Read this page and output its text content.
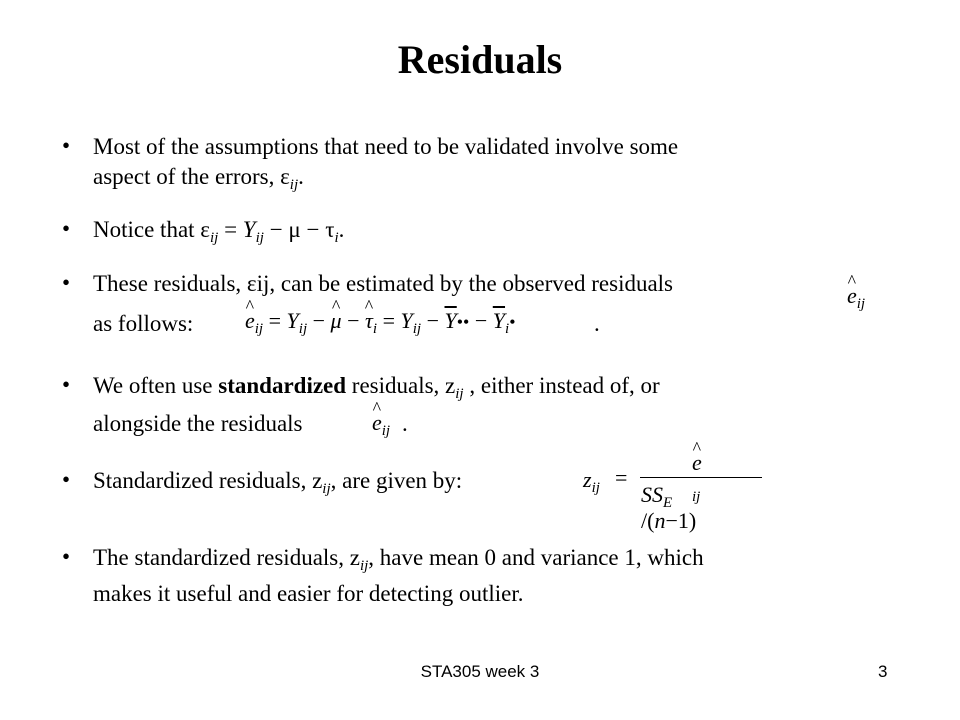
Residuals
• Most of the assumptions that need to be validated involve some
aspect of the errors, $\varepsilon_{ij}$.
• Notice that $\varepsilon_{ij} = Y_{ij} - \mu - \tau_i$.
• These residuals, εij, can be estimated by the observed residuals	^ $e_{ij}$
as follows: ^ $e_{ij} = Y_{ij}$ − ^ μ − ^ $\tau_i = Y_{ij}$ − $\overline{Y}••$ − $\overline{Y}_i•$	.
• We often use standardized residuals, $z_{ij}$ , either instead of, or
alongside the residuals	^ $e_{ij}$ .
• Standardized residuals, $z_{ij}$, are given by:	$z_{ij}$ =
^ $e_{ij}$
$SS_E$ /(n−1)
• The standardized residuals, $z_{ij}$, have mean 0 and variance 1, which
makes it useful and easier for detecting outlier.
STA305 week 3	3
